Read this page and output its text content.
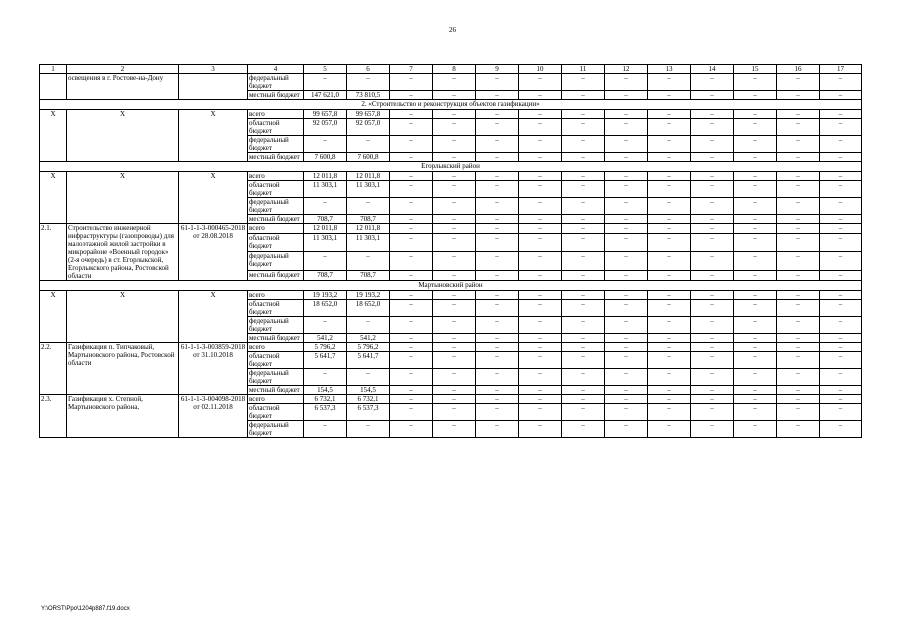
26
1	2	3	4	5	6	7	8	9	10	11	12	13	14	15	16	17
	освещения в г. Ростове-на-Дону		федеральный бюджет	–	–	–	–	–	–	–	–	–	–	–	–	–
			местный бюджет	147 621,0	73 810,5	–	–	–	–	–	–	–	–	–	–	–
2. «Строительство и реконструкция объектов газификации»																
X	X	X	всего	99 657,8	99 657,8	–	–	–	–	–	–	–	–	–	–	–
			областной бюджет	92 057,0	92 057,0	–	–	–	–	–	–	–	–	–	–	–
			федеральный бюджет	–	–	–	–	–	–	–	–	–	–	–	–	–
			местный бюджет	7 600,8	7 600,8	–	–	–	–	–	–	–	–	–	–	–
Егорлыкский район																
X	X	X	всего	12 011,8	12 011,8	–	–	–	–	–	–	–	–	–	–	–
			областной бюджет	11 303,1	11 303,1	–	–	–	–	–	–	–	–	–	–	–
			федеральный бюджет	–	–	–	–	–	–	–	–	–	–	–	–	–
			местный бюджет	708,7	708,7	–	–	–	–	–	–	–	–	–	–	–
2.1.	Строительство инженерной инфраструктуры (газопроводы) для малоэтажной жилой застройки в микрорайоне «Военный городок» (2-я очередь) в ст. Егорлыкской, Егорлыкского района, Ростовской области	61-1-1-3-000465-2018 от 28.08.2018	всего	12 011,8	12 011,8	–	–	–	–	–	–	–	–	–	–	–
			областной бюджет	11 303,1	11 303,1	–	–	–	–	–	–	–	–	–	–	–
			федеральный бюджет	–	–	–	–	–	–	–	–	–	–	–	–	–
			местный бюджет	708,7	708,7	–	–	–	–	–	–	–	–	–	–	–
Мартыновский район																
X	X	X	всего	19 193,2	19 193,2	–	–	–	–	–	–	–	–	–	–	–
			областной бюджет	18 652,0	18 652,0	–	–	–	–	–	–	–	–	–	–	–
			федеральный бюджет	–	–	–	–	–	–	–	–	–	–	–	–	–
			местный бюджет	541,2	541,2	–	–	–	–	–	–	–	–	–	–	–
2.2.	Газификация п. Типчаковый, Мартыновского района, Ростовской области	61-1-1-3-003859-2018 от 31.10.2018	всего	5 796,2	5 796,2	–	–	–	–	–	–	–	–	–	–	–
			областной бюджет	5 641,7	5 641,7	–	–	–	–	–	–	–	–	–	–	–
			федеральный бюджет	–	–	–	–	–	–	–	–	–	–	–	–	–
			местный бюджет	154,5	154,5	–	–	–	–	–	–	–	–	–	–	–
2.3.	Газификация х. Степной, Мартыновского района,	61-1-1-3-004098-2018 от 02.11.2018	всего	6 732,1	6 732,1	–	–	–	–	–	–	–	–	–	–	–
			областной бюджет	6 537,3	6 537,3	–	–	–	–	–	–	–	–	–	–	–
			федеральный бюджет	–	–	–	–	–	–	–	–	–	–	–	–	–
Y:\ORST\Ppo\1204p887.f19.docx
